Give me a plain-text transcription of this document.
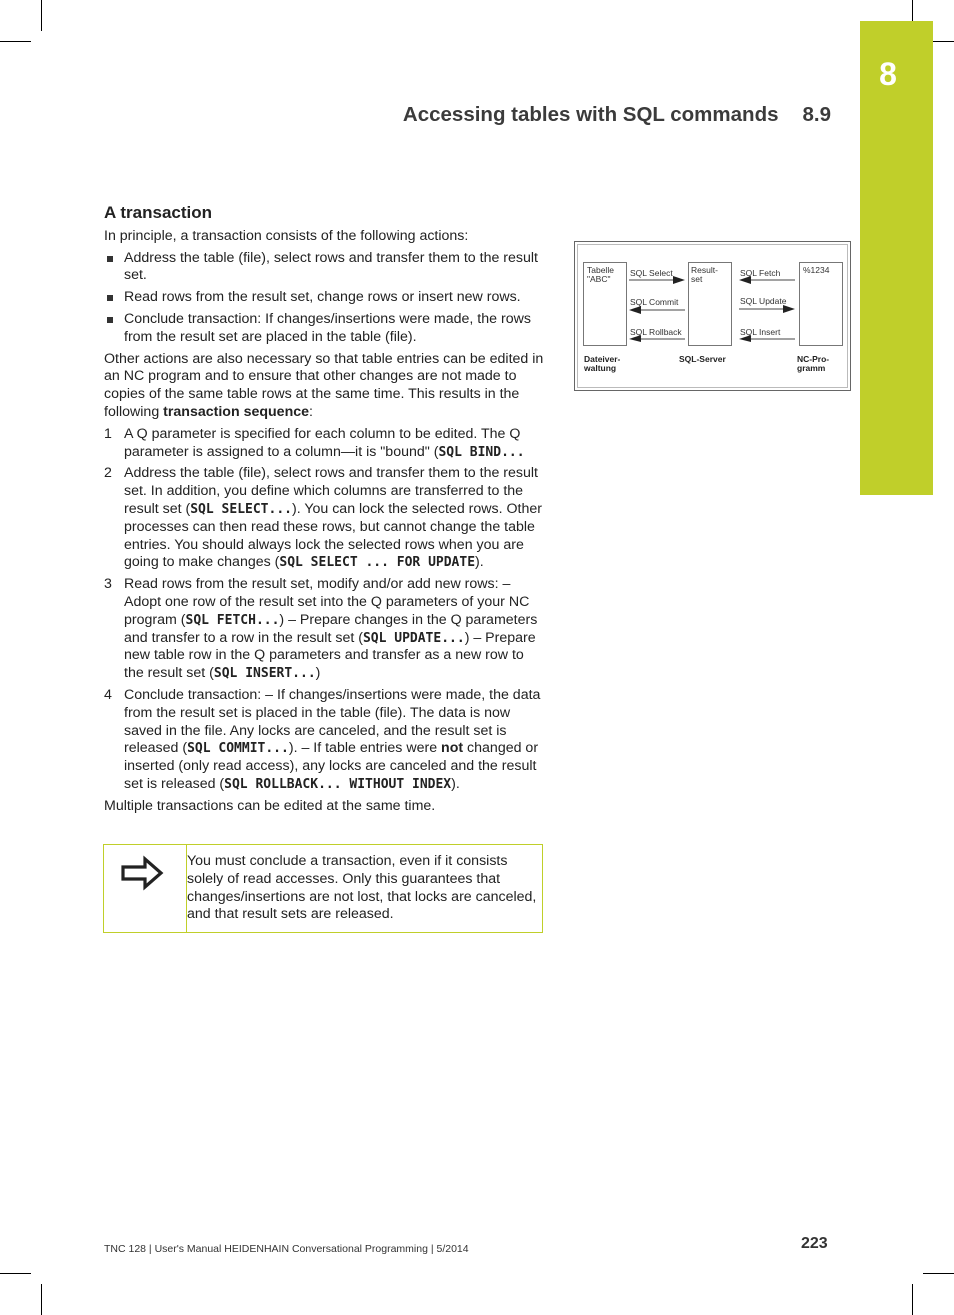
8
Accessing tables with SQL commands 8.9
A transaction

In principle, a transaction consists of the following actions:

Address the table (file), select rows and transfer them to the result set.
Read rows from the result set, change rows or insert new rows.
Conclude transaction: If changes/insertions were made, the rows from the result set are placed in the table (file).

Other actions are also necessary so that table entries can be edited in an NC program and to ensure that other changes are not made to copies of the same table rows at the same time. This results in the following transaction sequence:

1 A Q parameter is specified for each column to be edited. The Q parameter is assigned to a column—it is "bound" (SQL BIND...
2 Address the table (file), select rows and transfer them to the result set. In addition, you define which columns are transferred to the result set (SQL SELECT...). You can lock the selected rows. Other processes can then read these rows, but cannot change the table entries. You should always lock the selected rows when you are going to make changes (SQL SELECT ... FOR UPDATE).
3 Read rows from the result set, modify and/or add new rows: – Adopt one row of the result set into the Q parameters of your NC program (SQL FETCH...) – Prepare changes in the Q parameters and transfer to a row in the result set (SQL UPDATE...) – Prepare new table row in the Q parameters and transfer as a new row to the result set (SQL INSERT...)
4 Conclude transaction: – If changes/insertions were made, the data from the result set is placed in the table (file). The data is now saved in the file. Any locks are canceled, and the result set is released (SQL COMMIT...). – If table entries were not changed or inserted (only read access), any locks are canceled and the result set is released (SQL ROLLBACK... WITHOUT INDEX).

Multiple transactions can be edited at the same time.

You must conclude a transaction, even if it consists solely of read accesses. Only this guarantees that changes/insertions are not lost, that locks are canceled, and that result sets are released.
Tabelle "ABC"
Result-set
%1234
SQL Select
SQL Commit
SQL Rollback
SQL Fetch
SQL Update
SQL Insert
Dateiver-waltung
SQL-Server	NC-Pro-gramm
TNC 128 | User's Manual HEIDENHAIN Conversational Programming | 5/2014	223
